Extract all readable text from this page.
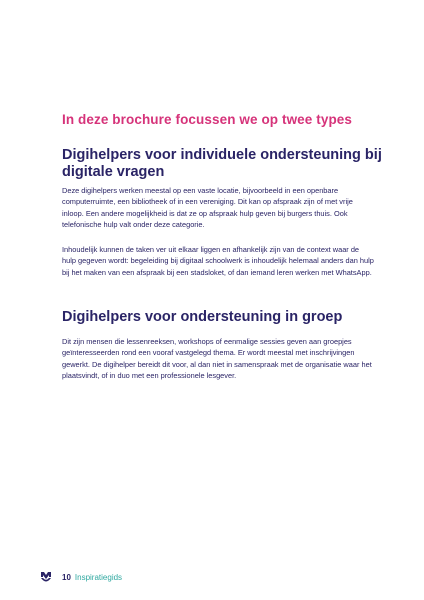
In deze brochure focussen we op twee types
Digihelpers voor individuele ondersteuning bij digitale vragen

Deze digihelpers werken meestal op een vaste locatie, bijvoorbeeld in een openbare computerruimte, een bibliotheek of in een vereniging. Dit kan op afspraak zijn of met vrije inloop. Een andere mogelijkheid is dat ze op afspraak hulp geven bij burgers thuis. Ook telefonische hulp valt onder deze categorie.

Inhoudelijk kunnen de taken ver uit elkaar liggen en afhankelijk zijn van de context waar de hulp gegeven wordt: begeleiding bij digitaal schoolwerk is inhoudelijk helemaal anders dan hulp bij het maken van een afspraak bij een stadsloket, of dan iemand leren werken met WhatsApp.

Digihelpers voor ondersteuning in groep

Dit zijn mensen die lessenreeksen, workshops of eenmalige sessies geven aan groepjes geïnteresseerden rond een vooraf vastgelegd thema. Er wordt meestal met inschrijvingen gewerkt. De digihelper bereidt dit voor, al dan niet in samenspraak met de organisatie waar het plaatsvindt, of in duo met een professionele lesgever.

10 Inspiratiegids
